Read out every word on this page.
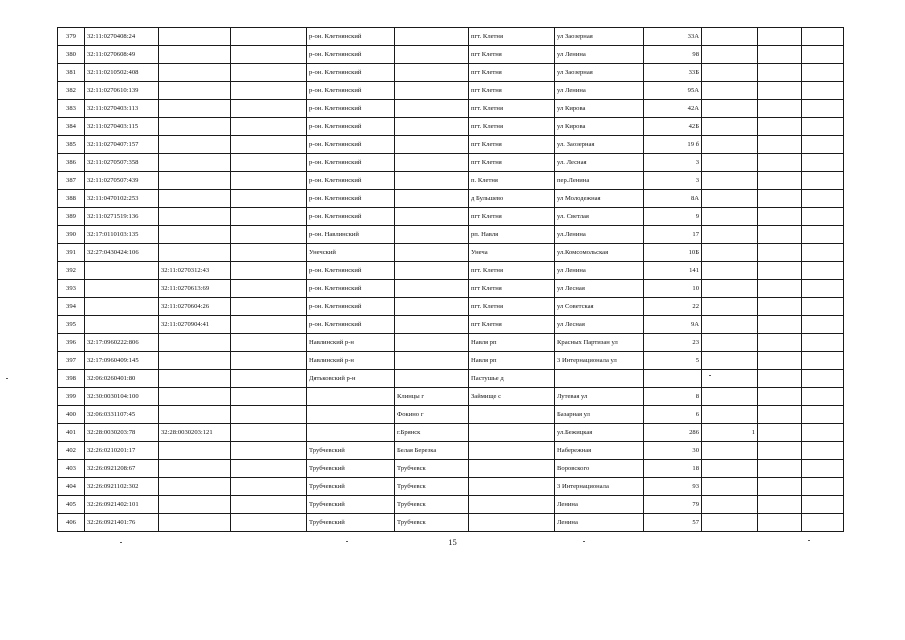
379	32:11:0270408:24			р-он. Клетнянский		пгт. Клетня	ул Заозерная	33А			
380	32:11:0270608:49			р-он. Клетнянский		пгт Клетня	ул Ленина	98			
381	32:11:0210502:408			р-он. Клетнянский		пгт Клетня	ул Заозерная	33Б			
382	32:11:0270610:139			р-он. Клетнянский		пгт Клетня	ул Ленина	95А			
383	32:11:0270403:113			р-он. Клетнянский		пгт. Клетня	ул Кирова	42А			
384	32:11:0270403:115			р-он. Клетнянский		пгт. Клетня	ул Кирова	42Б			
385	32:11:0270407:157			р-он. Клетнянский		пгт Клетня	ул. Заозерная	19 б			
386	32:11:0270507:358			р-он. Клетнянский		пгт Клетня	ул. Лесная	3			
387	32:11:0270507:439			р-он. Клетнянский		п. Клетня	пер.Ленина	3			
388	32:11:0470102:253			р-он. Клетнянский		д Бульшево	ул Молодежная	8А			
389	32:11:0271519:136			р-он. Клетнянский		пгт Клетня	ул. Светлая	9			
390	32:17:0110103:135			р-он. Навлинский		рп. Навля	ул.Ленина	17			
391	32:27:0430424:106			Унечский		Унеча	ул.Комсомольская	10Б			
392		32:11:0270312:43		р-он. Клетнянский		пгт. Клетня	ул Ленина	141			
393		32:11:0270613:69		р-он. Клетнянский		пгт Клетня	ул Лесная	10			
394		32:11:0270604:26		р-он. Клетнянский		пгт. Клетня	ул Советская	22			
395		32:11:0270904:41		р-он. Клетнянский		пгт Клетня	ул Лесная	9А			
396	32:17:0960222:806			Навлинский р-н		Навля рп	Красных Партизан ул	23			
397	32:17:0960409:145			Навлинский р-н		Навля рп	3 Интернационала ул	5			
398	32:06:0260401:80			Дятьковский р-н		Пастушье д					
399	32:30:0030104:100				Клинцы г	Займище с	Лутевая ул	8			
400	32:06:0331107:45				Фокино г		Базарная ул	6			
401	32:28:0030203:78	32:28:0030203:121			г.Брянск		ул.Бежицкая	286	1		
402	32:26:0210201:17			Трубчевский	Белая Березка		Набережная	30			
403	32:26:0921208:67			Трубчевский	Трубчевск		Воровского	18			
404	32:26:0921102:302			Трубчевский	Трубчевск		3 Интернационала	93			
405	32:26:0921402:101			Трубчевский	Трубчевск		Ленина	79			
406	32:26:0921401:76			Трубчевский	Трубчевск		Ленина	57			
15
